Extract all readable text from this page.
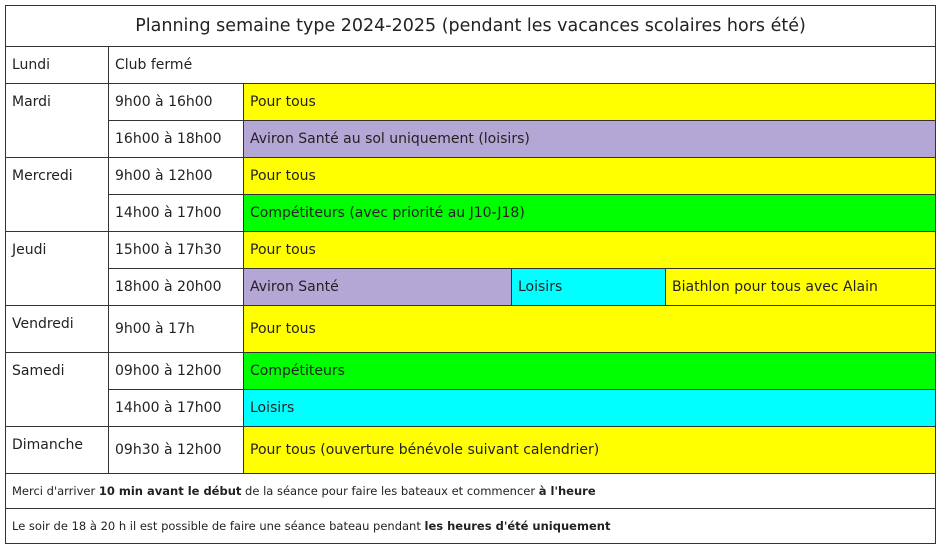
Planning semaine type 2024-2025 (pendant les vacances scolaires hors été)				
Lundi	Club fermé			
Mardi	9h00 à 16h00	Pour tous		
	16h00 à 18h00	Aviron Santé au sol uniquement (loisirs)		
Mercredi	9h00 à 12h00	Pour tous		
	14h00 à 17h00	Compétiteurs (avec priorité au J10-J18)		
Jeudi	15h00 à 17h30	Pour tous		
	18h00 à 20h00	Aviron Santé	Loisirs	Biathlon pour tous avec Alain
Vendredi	9h00 à 17h	Pour tous		
Samedi	09h00 à 12h00	Compétiteurs		
	14h00 à 17h00	Loisirs		
Dimanche	09h30 à 12h00	Pour tous (ouverture bénévole suivant calendrier)		
Merci d'arriver 10 min avant le début de la séance pour faire les bateaux et commencer à l'heure				
Le soir de 18 à 20 h il est possible de faire une séance bateau pendant les heures d'été uniquement				
